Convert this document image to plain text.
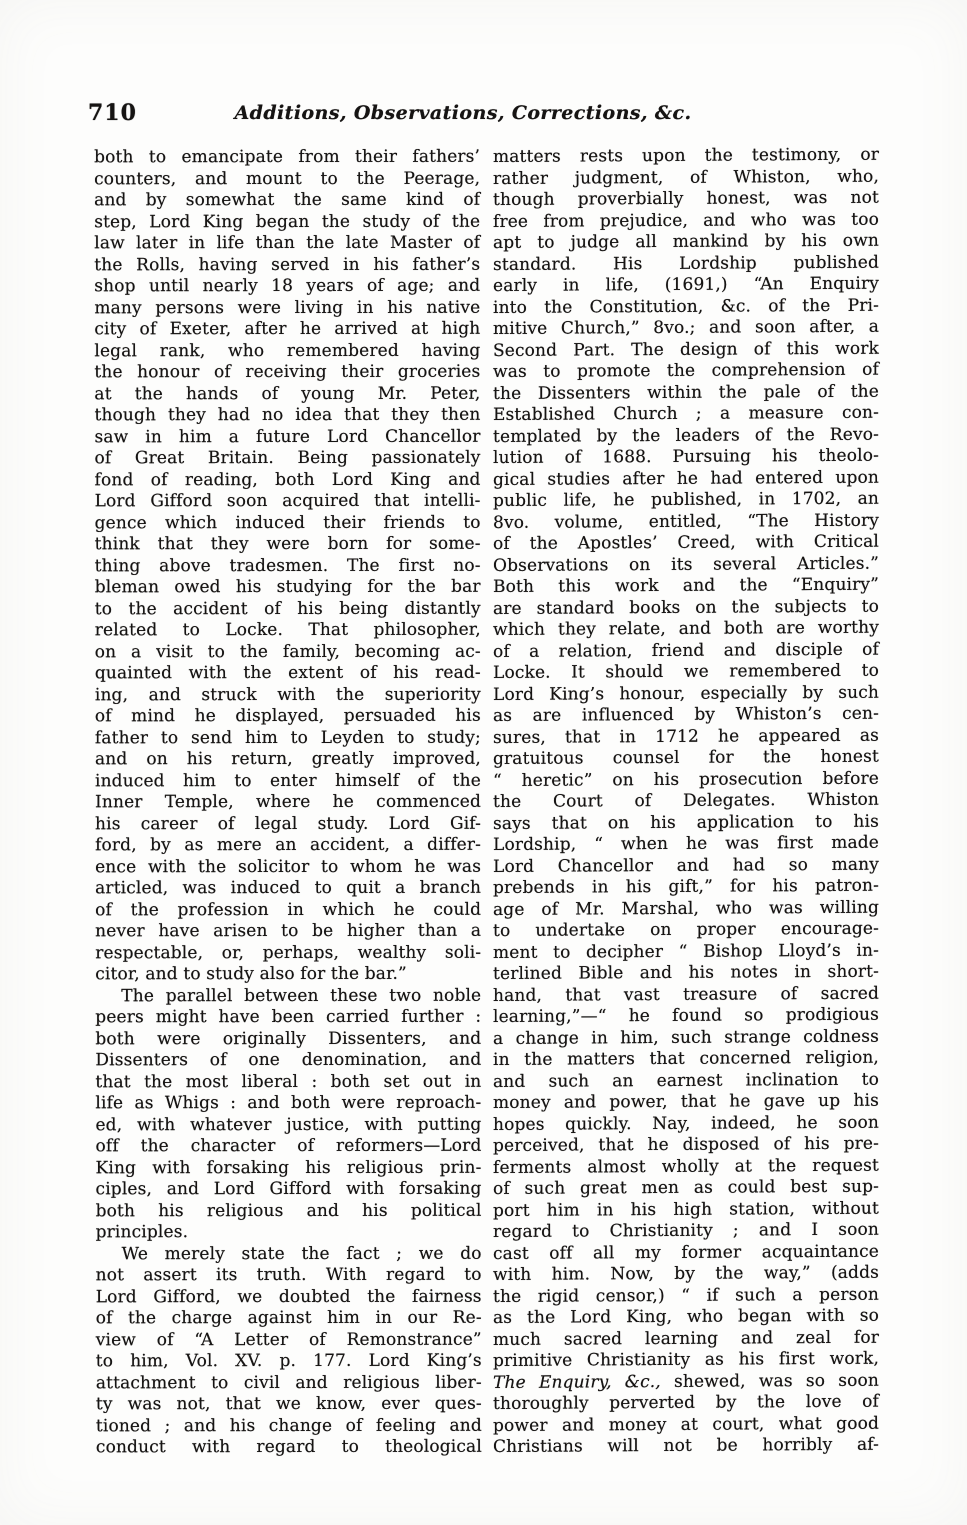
710	Additions, Observations, Corrections, &c.
both to emancipate from their fathers’
counters, and mount to the Peerage,
and by somewhat the same kind of
step, Lord King began the study of the
law later in life than the late Master of
the Rolls, having served in his father’s
shop until nearly 18 years of age; and
many persons were living in his native
city of Exeter, after he arrived at high
legal rank, who remembered having
the honour of receiving their groceries
at the hands of young Mr. Peter,
though they had no idea that they then
saw in him a future Lord Chancellor
of Great Britain. Being passionately
fond of reading, both Lord King and
Lord Gifford soon acquired that intelli-
gence which induced their friends to
think that they were born for some-
thing above tradesmen. The first no-
bleman owed his studying for the bar
to the accident of his being distantly
related to Locke. That philosopher,
on a visit to the family, becoming ac-
quainted with the extent of his read-
ing, and struck with the superiority
of mind he displayed, persuaded his
father to send him to Leyden to study;
and on his return, greatly improved,
induced him to enter himself of the
Inner Temple, where he commenced
his career of legal study. Lord Gif-
ford, by as mere an accident, a differ-
ence with the solicitor to whom he was
articled, was induced to quit a branch
of the profession in which he could
never have arisen to be higher than a
respectable, or, perhaps, wealthy soli-
citor, and to study also for the bar.”
The parallel between these two noble
peers might have been carried further :
both were originally Dissenters, and
Dissenters of one denomination, and
that the most liberal : both set out in
life as Whigs : and both were reproach-
ed, with whatever justice, with putting
off the character of reformers—Lord
King with forsaking his religious prin-
ciples, and Lord Gifford with forsaking
both his religious and his political
principles.
We merely state the fact ; we do
not assert its truth. With regard to
Lord Gifford, we doubted the fairness
of the charge against him in our Re-
view of “A Letter of Remonstrance”
to him, Vol. XV. p. 177. Lord King’s
attachment to civil and religious liber-
ty was not, that we know, ever ques-
tioned ; and his change of feeling and
conduct with regard to theological
matters rests upon the testimony, or
rather judgment, of Whiston, who,
though proverbially honest, was not
free from prejudice, and who was too
apt to judge all mankind by his own
standard. His Lordship published
early in life, (1691,) “An Enquiry
into the Constitution, &c. of the Pri-
mitive Church,” 8vo.; and soon after, a
Second Part. The design of this work
was to promote the comprehension of
the Dissenters within the pale of the
Established Church ; a measure con-
templated by the leaders of the Revo-
lution of 1688. Pursuing his theolo-
gical studies after he had entered upon
public life, he published, in 1702, an
8vo. volume, entitled, “The History
of the Apostles’ Creed, with Critical
Observations on its several Articles.”
Both this work and the “Enquiry”
are standard books on the subjects to
which they relate, and both are worthy
of a relation, friend and disciple of
Locke. It should we remembered to
Lord King’s honour, especially by such
as are influenced by Whiston’s cen-
sures, that in 1712 he appeared as
gratuitous counsel for the honest
“ heretic” on his prosecution before
the Court of Delegates. Whiston
says that on his application to his
Lordship, “ when he was first made
Lord Chancellor and had so many
prebends in his gift,” for his patron-
age of Mr. Marshal, who was willing
to undertake on proper encourage-
ment to decipher “ Bishop Lloyd’s in-
terlined Bible and his notes in short-
hand, that vast treasure of sacred
learning,”—“ he found so prodigious
a change in him, such strange coldness
in the matters that concerned religion,
and such an earnest inclination to
money and power, that he gave up his
hopes quickly. Nay, indeed, he soon
perceived, that he disposed of his pre-
ferments almost wholly at the request
of such great men as could best sup-
port him in his high station, without
regard to Christianity ; and I soon
cast off all my former acquaintance
with him. Now, by the way,” (adds
the rigid censor,) “ if such a person
as the Lord King, who began with so
much sacred learning and zeal for
primitive Christianity as his first work,
The Enquiry, &c., shewed, was so soon
thoroughly perverted by the love of
power and money at court, what good
Christians will not be horribly af-
